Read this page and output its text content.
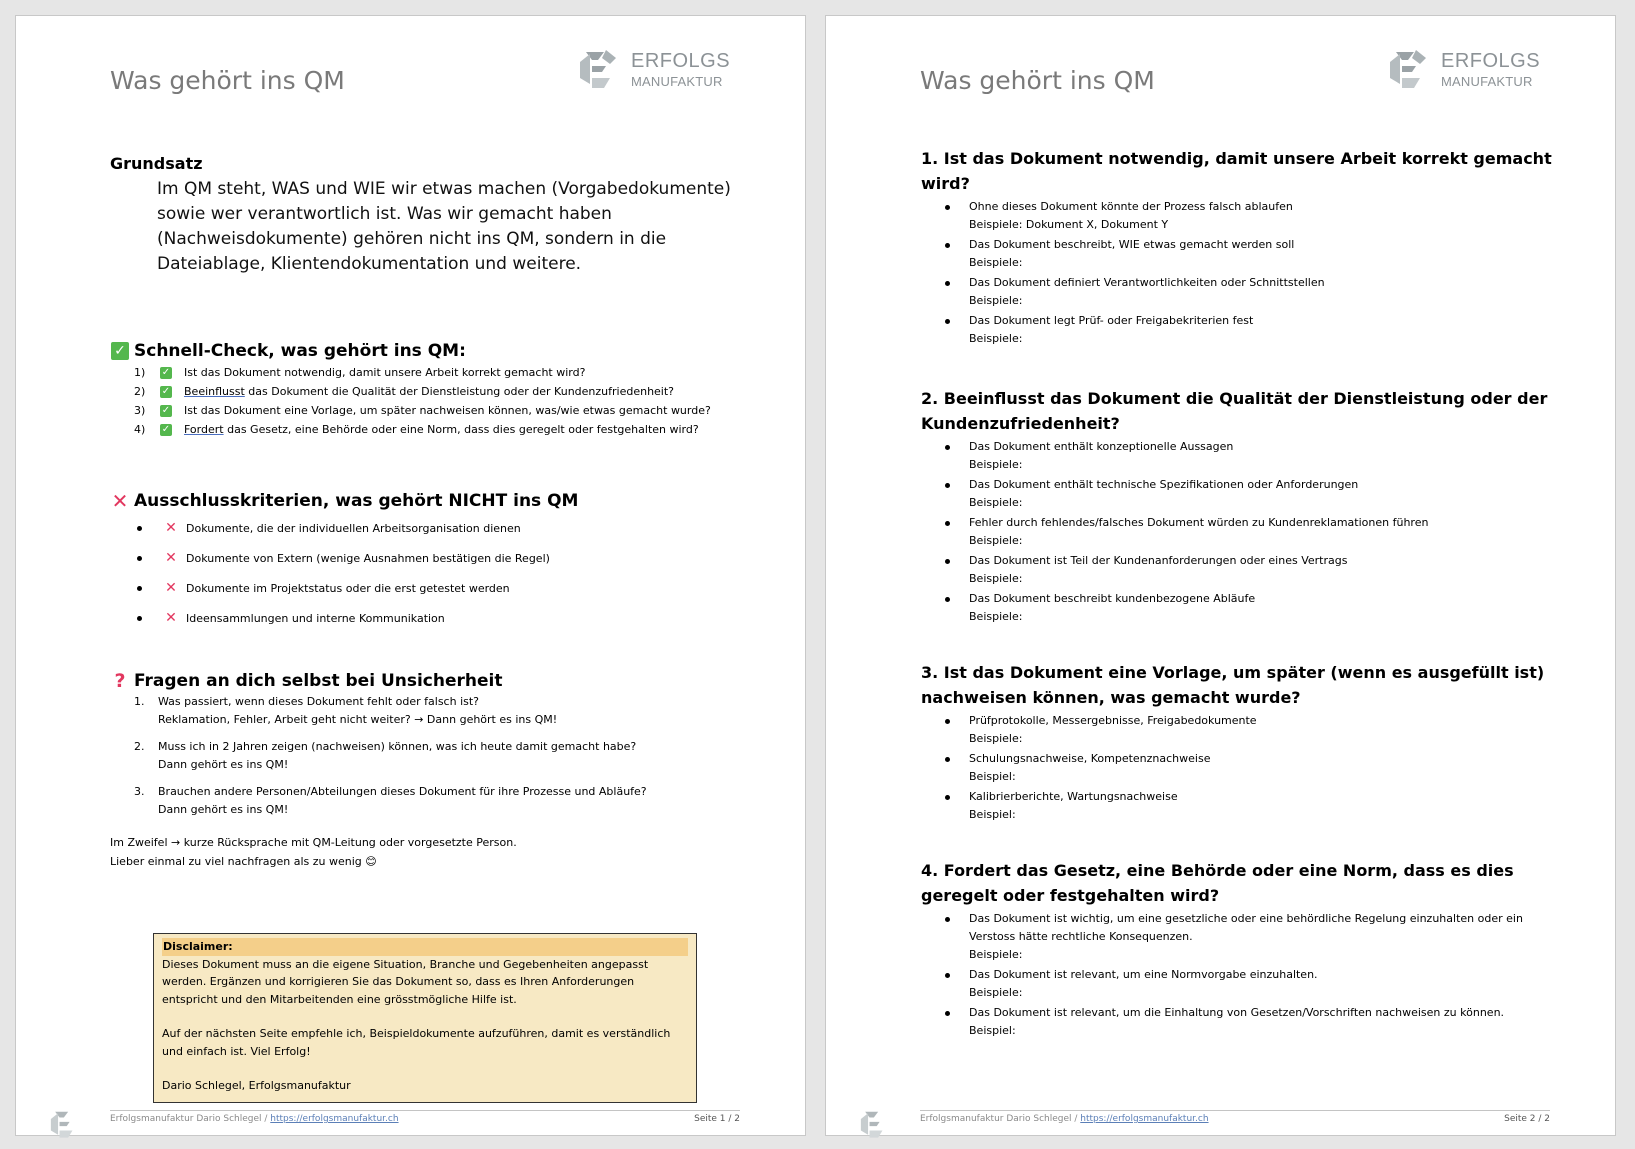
Was gehört ins QM
ERFOLGS
MANUFAKTUR

Grundsatz

Im QM steht, WAS und WIE wir etwas machen (Vorgabedokumente) sowie wer verantwortlich ist. Was wir gemacht haben (Nachweisdokumente) gehören nicht ins QM, sondern in die Dateiablage, Klientendokumentation und weitere.

✓ Schnell-Check, was gehört ins QM:

1)	✓ Ist das Dokument notwendig, damit unsere Arbeit korrekt gemacht wird?
2)	✓ Beeinflusst das Dokument die Qualität der Dienstleistung oder der Kundenzufriedenheit?
3)	✓ Ist das Dokument eine Vorlage, um später nachweisen können, was/wie etwas gemacht wurde?
4)	✓ Fordert das Gesetz, eine Behörde oder eine Norm, dass dies geregelt oder festgehalten wird?

✕ Ausschlusskriterien, was gehört NICHT ins QM

✕ Dokumente, die der individuellen Arbeitsorganisation dienen
✕ Dokumente von Extern (wenige Ausnahmen bestätigen die Regel)
✕ Dokumente im Projektstatus oder die erst getestet werden
✕ Ideensammlungen und interne Kommunikation

? Fragen an dich selbst bei Unsicherheit

1.	Was passiert, wenn dieses Dokument fehlt oder falsch ist?
Reklamation, Fehler, Arbeit geht nicht weiter? → Dann gehört es ins QM!
2.	Muss ich in 2 Jahren zeigen (nachweisen) können, was ich heute damit gemacht habe?
Dann gehört es ins QM!
3.	Brauchen andere Personen/Abteilungen dieses Dokument für ihre Prozesse und Abläufe?
Dann gehört es ins QM!
Im Zweifel → kurze Rücksprache mit QM-Leitung oder vorgesetzte Person.
Lieber einmal zu viel nachfragen als zu wenig 😊
Disclaimer:
Dieses Dokument muss an die eigene Situation, Branche und Gegebenheiten angepasst werden. Ergänzen und korrigieren Sie das Dokument so, dass es Ihren Anforderungen entspricht und den Mitarbeitenden eine grösstmögliche Hilfe ist.
Auf der nächsten Seite empfehle ich, Beispieldokumente aufzuführen, damit es verständlich und einfach ist. Viel Erfolg!
Dario Schlegel, Erfolgsmanufaktur
Erfolgsmanufaktur Dario Schlegel / https://erfolgsmanufaktur.ch	Seite 1 / 2
Was gehört ins QM
ERFOLGS
MANUFAKTUR

1. Ist das Dokument notwendig, damit unsere Arbeit korrekt gemacht wird?

Ohne dieses Dokument könnte der Prozess falsch ablaufen
Beispiele: Dokument X, Dokument Y
Das Dokument beschreibt, WIE etwas gemacht werden soll
Beispiele:
Das Dokument definiert Verantwortlichkeiten oder Schnittstellen
Beispiele:
Das Dokument legt Prüf- oder Freigabekriterien fest
Beispiele:

2. Beeinflusst das Dokument die Qualität der Dienstleistung oder der Kundenzufriedenheit?

Das Dokument enthält konzeptionelle Aussagen
Beispiele:
Das Dokument enthält technische Spezifikationen oder Anforderungen
Beispiele:
Fehler durch fehlendes/falsches Dokument würden zu Kundenreklamationen führen
Beispiele:
Das Dokument ist Teil der Kundenanforderungen oder eines Vertrags
Beispiele:
Das Dokument beschreibt kundenbezogene Abläufe
Beispiele:

3. Ist das Dokument eine Vorlage, um später (wenn es ausgefüllt ist) nachweisen können, was gemacht wurde?

Prüfprotokolle, Messergebnisse, Freigabedokumente
Beispiele:
Schulungsnachweise, Kompetenznachweise
Beispiel:
Kalibrierberichte, Wartungsnachweise
Beispiel:

4. Fordert das Gesetz, eine Behörde oder eine Norm, dass es dies geregelt oder festgehalten wird?

Das Dokument ist wichtig, um eine gesetzliche oder eine behördliche Regelung einzuhalten oder ein Verstoss hätte rechtliche Konsequenzen.
Beispiele:
Das Dokument ist relevant, um eine Normvorgabe einzuhalten.
Beispiele:
Das Dokument ist relevant, um die Einhaltung von Gesetzen/Vorschriften nachweisen zu können.
Beispiel:
Erfolgsmanufaktur Dario Schlegel / https://erfolgsmanufaktur.ch	Seite 2 / 2
